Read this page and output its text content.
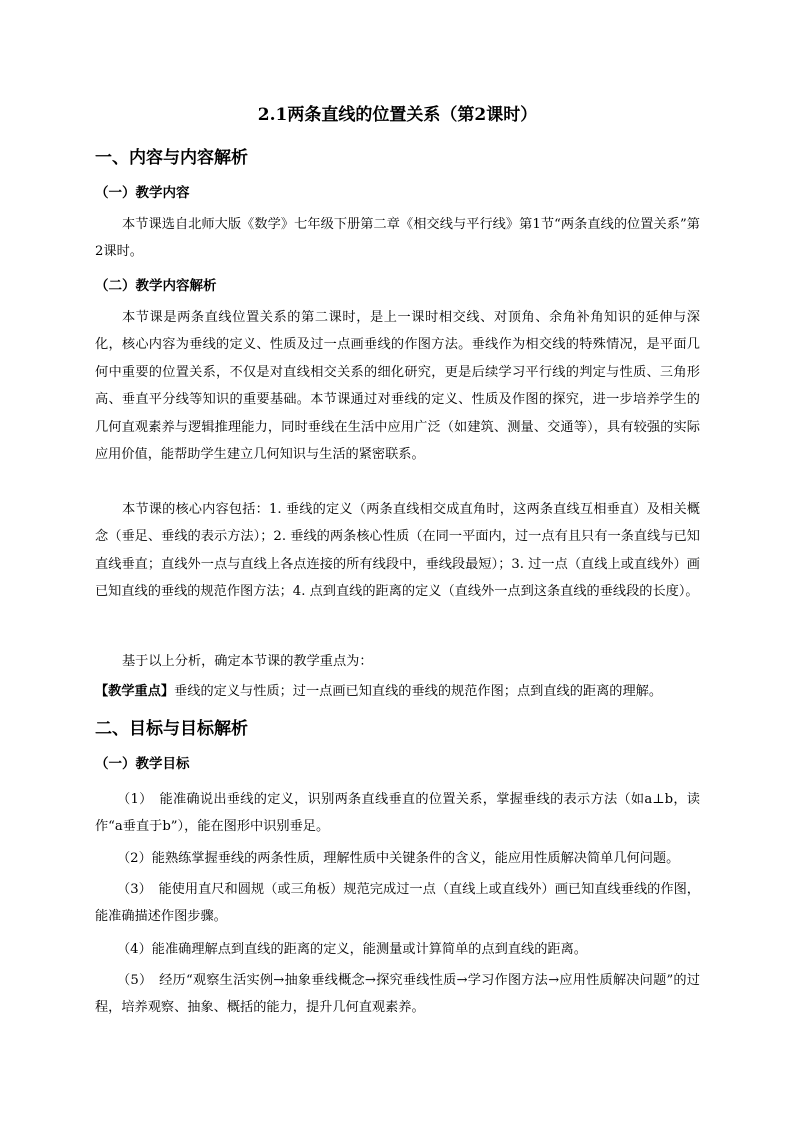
2.1两条直线的位置关系（第2课时）
一、内容与内容解析
（一）教学内容
本节课选自北师大版《数学》七年级下册第二章《相交线与平行线》第1节“两条直线的位置关系”第2课时。
（二）教学内容解析
本节课是两条直线位置关系的第二课时，是上一课时相交线、对顶角、余角补角知识的延伸与深化，核心内容为垂线的定义、性质及过一点画垂线的作图方法。垂线作为相交线的特殊情况，是平面几何中重要的位置关系，不仅是对直线相交关系的细化研究，更是后续学习平行线的判定与性质、三角形高、垂直平分线等知识的重要基础。本节课通过对垂线的定义、性质及作图的探究，进一步培养学生的几何直观素养与逻辑推理能力，同时垂线在生活中应用广泛（如建筑、测量、交通等），具有较强的实际应用价值，能帮助学生建立几何知识与生活的紧密联系。
本节课的核心内容包括：1. 垂线的定义（两条直线相交成直角时，这两条直线互相垂直）及相关概念（垂足、垂线的表示方法）；2. 垂线的两条核心性质（在同一平面内，过一点有且只有一条直线与已知直线垂直；直线外一点与直线上各点连接的所有线段中，垂线段最短）；3. 过一点（直线上或直线外）画已知直线的垂线的规范作图方法；4. 点到直线的距离的定义（直线外一点到这条直线的垂线段的长度）。
基于以上分析，确定本节课的教学重点为：
【教学重点】垂线的定义与性质；过一点画已知直线的垂线的规范作图；点到直线的距离的理解。
二、目标与目标解析
（一）教学目标
（1）　能准确说出垂线的定义，识别两条直线垂直的位置关系，掌握垂线的表示方法（如a⊥b，读作“a垂直于b”），能在图形中识别垂足。
（2）能熟练掌握垂线的两条性质，理解性质中关键条件的含义，能应用性质解决简单几何问题。
（3）　能使用直尺和圆规（或三角板）规范完成过一点（直线上或直线外）画已知直线垂线的作图，能准确描述作图步骤。
（4）能准确理解点到直线的距离的定义，能测量或计算简单的点到直线的距离。
（5）　经历“观察生活实例→抽象垂线概念→探究垂线性质→学习作图方法→应用性质解决问题”的过程，培养观察、抽象、概括的能力，提升几何直观素养。
